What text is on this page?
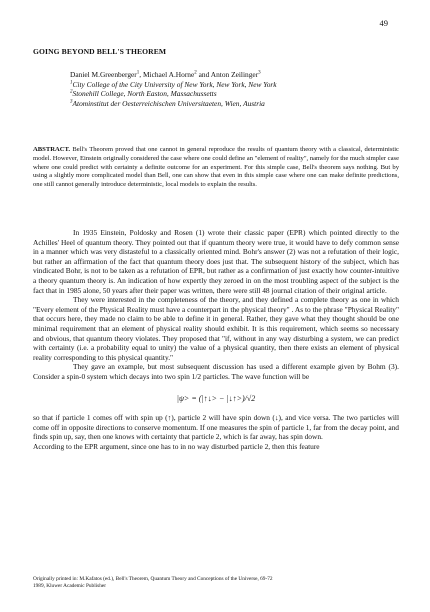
49
GOING BEYOND BELL'S THEOREM
Daniel M.Greenberger$^1$, Michael A.Horne$^2$ and Anton Zeilinger$^3$
$^1$City College of the City University of New York, New York, New York
$^2$Stonehill College, North Easton, Massachussetts
$^3$Atominstitut der Oesterreichischen Universitaeten, Wien, Austria
ABSTRACT. Bell's Theorem proved that one cannot in general reproduce the results of quantum theory with a classical, deterministic model. However, Einstein originally considered the case where one could define an "element of reality", namely for the much simpler case where one could predict with certainty a definite outcome for an experiment. For this simple case, Bell's theorem says nothing. But by using a slightly more complicated model than Bell, one can show that even in this simple case where one can make definite predictions, one still cannot generally introduce deterministic, local models to explain the results.

In 1935 Einstein, Poldosky and Rosen (1) wrote their classic paper (EPR) which pointed directly to the Achilles' Heel of quantum theory. They pointed out that if quantum theory were true, it would have to defy common sense in a manner which was very distasteful to a classically oriented mind. Bohr's answer (2) was not a refutation of their logic, but rather an affirmation of the fact that quantum theory does just that. The subsequent history of the subject, which has vindicated Bohr, is not to be taken as a refutation of EPR, but rather as a confirmation of just exactly how counter-intuitive a theory quantum theory is. An indication of how expertly they zeroed in on the most troubling aspect of the subject is the fact that in 1985 alone, 50 years after their paper was written, there were still 48 journal citation of their original article.

They were interested in the completeness of the theory, and they defined a complete theory as one in which "Every element of the Physical Reality must have a counterpart in the physical theory" . As to the phrase "Physical Reality" that occurs here, they made no claim to be able to define it in general. Rather, they gave what they thought should be one minimal requirement that an element of physical reality should exhibit. It is this requirement, which seems so necessary and obvious, that quantum theory violates. They proposed that "if, without in any way disturbing a system, we can predict with certainty (i.e. a probability equal to unity) the value of a physical quantity, then there exists an element of physical reality corresponding to this physical quantity."

They gave an example, but most subsequent discussion has used a different example given by Bohm (3). Consider a spin-0 system which decays into two spin 1/2 particles. The wave function will be

|ψ> = (|↑↓> − |↓↑>)/√2

so that if particle 1 comes off with spin up (↑), particle 2 will have spin down (↓), and vice versa. The two particles will come off in opposite directions to conserve momentum. If one measures the spin of particle 1, far from the decay point, and finds spin up, say, then one knows with certainty that particle 2, which is far away, has spin down.

According to the EPR argument, since one has to in no way disturbed particle 2, then this feature

Originally printed in: M.Kafatos (ed.), Bell's Theorem, Quantum Theory and Conceptions of the Universe, 69-72
1989, Kluwer Academic Publisher
